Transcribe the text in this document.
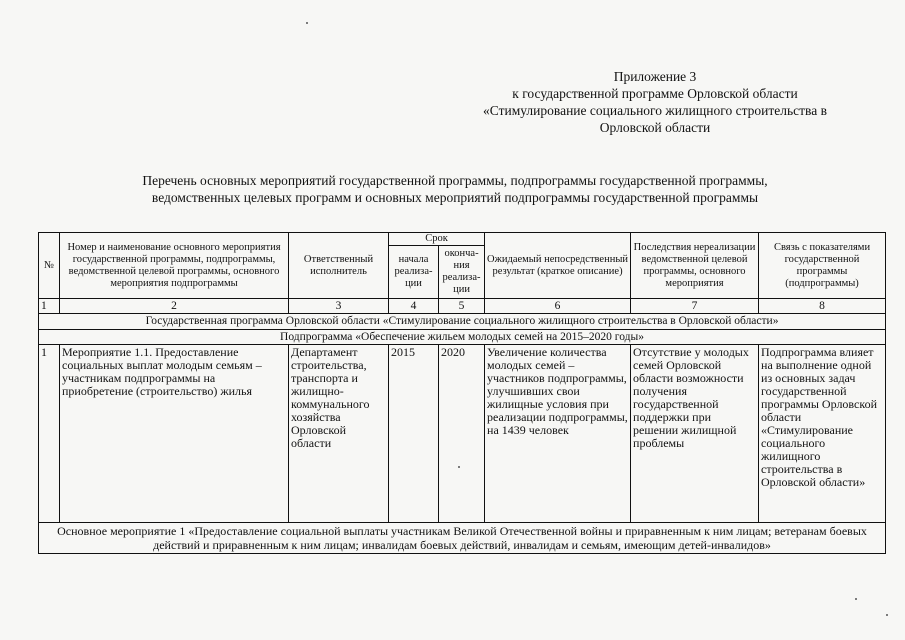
Приложение 3
к государственной программе Орловской области
«Стимулирование социального жилищного строительства в
Орловской области
Перечень основных мероприятий государственной программы, подпрограммы государственной программы,
ведомственных целевых программ и основных мероприятий подпрограммы государственной программы
№	Номер и наименование основного мероприятия государственной программы, подпрограммы, ведомственной целевой программы, основного мероприятия подпрограммы	Ответственный исполнитель	Срок		Ожидаемый непосредственный результат (краткое описание)	Последствия нереализации ведомственной целевой программы, основного мероприятия	Связь с показателями государственной программы (подпрограммы)
			начала реализа-ции	оконча-ния реализа-ции			
1	2	3	4	5	6	7	8
Государственная программа Орловской области «Стимулирование социального жилищного строительства в Орловской области»							
Подпрограмма «Обеспечение жильем молодых семей на 2015–2020 годы»							
1	Мероприятие 1.1. Предоставление социальных выплат молодым семьям – участникам подпрограммы на приобретение (строительство) жилья	Департамент строительства, транспорта и жилищно-коммунального хозяйства Орловской области	2015	2020	Увеличение количества молодых семей – участников подпрограммы, улучшивших свои жилищные условия при реализации подпрограммы, на 1439 человек	Отсутствие у молодых семей Орловской области возможности получения государственной поддержки при решении жилищной проблемы	Подпрограмма влияет на выполнение одной из основных задач государственной программы Орловской области «Стимулирование социального жилищного строительства в Орловской области»
Основное мероприятие 1 «Предоставление социальной выплаты участникам Великой Отечественной войны и приравненным к ним лицам; ветеранам боевых действий и приравненным к ним лицам; инвалидам боевых действий, инвалидам и семьям, имеющим детей-инвалидов»							
